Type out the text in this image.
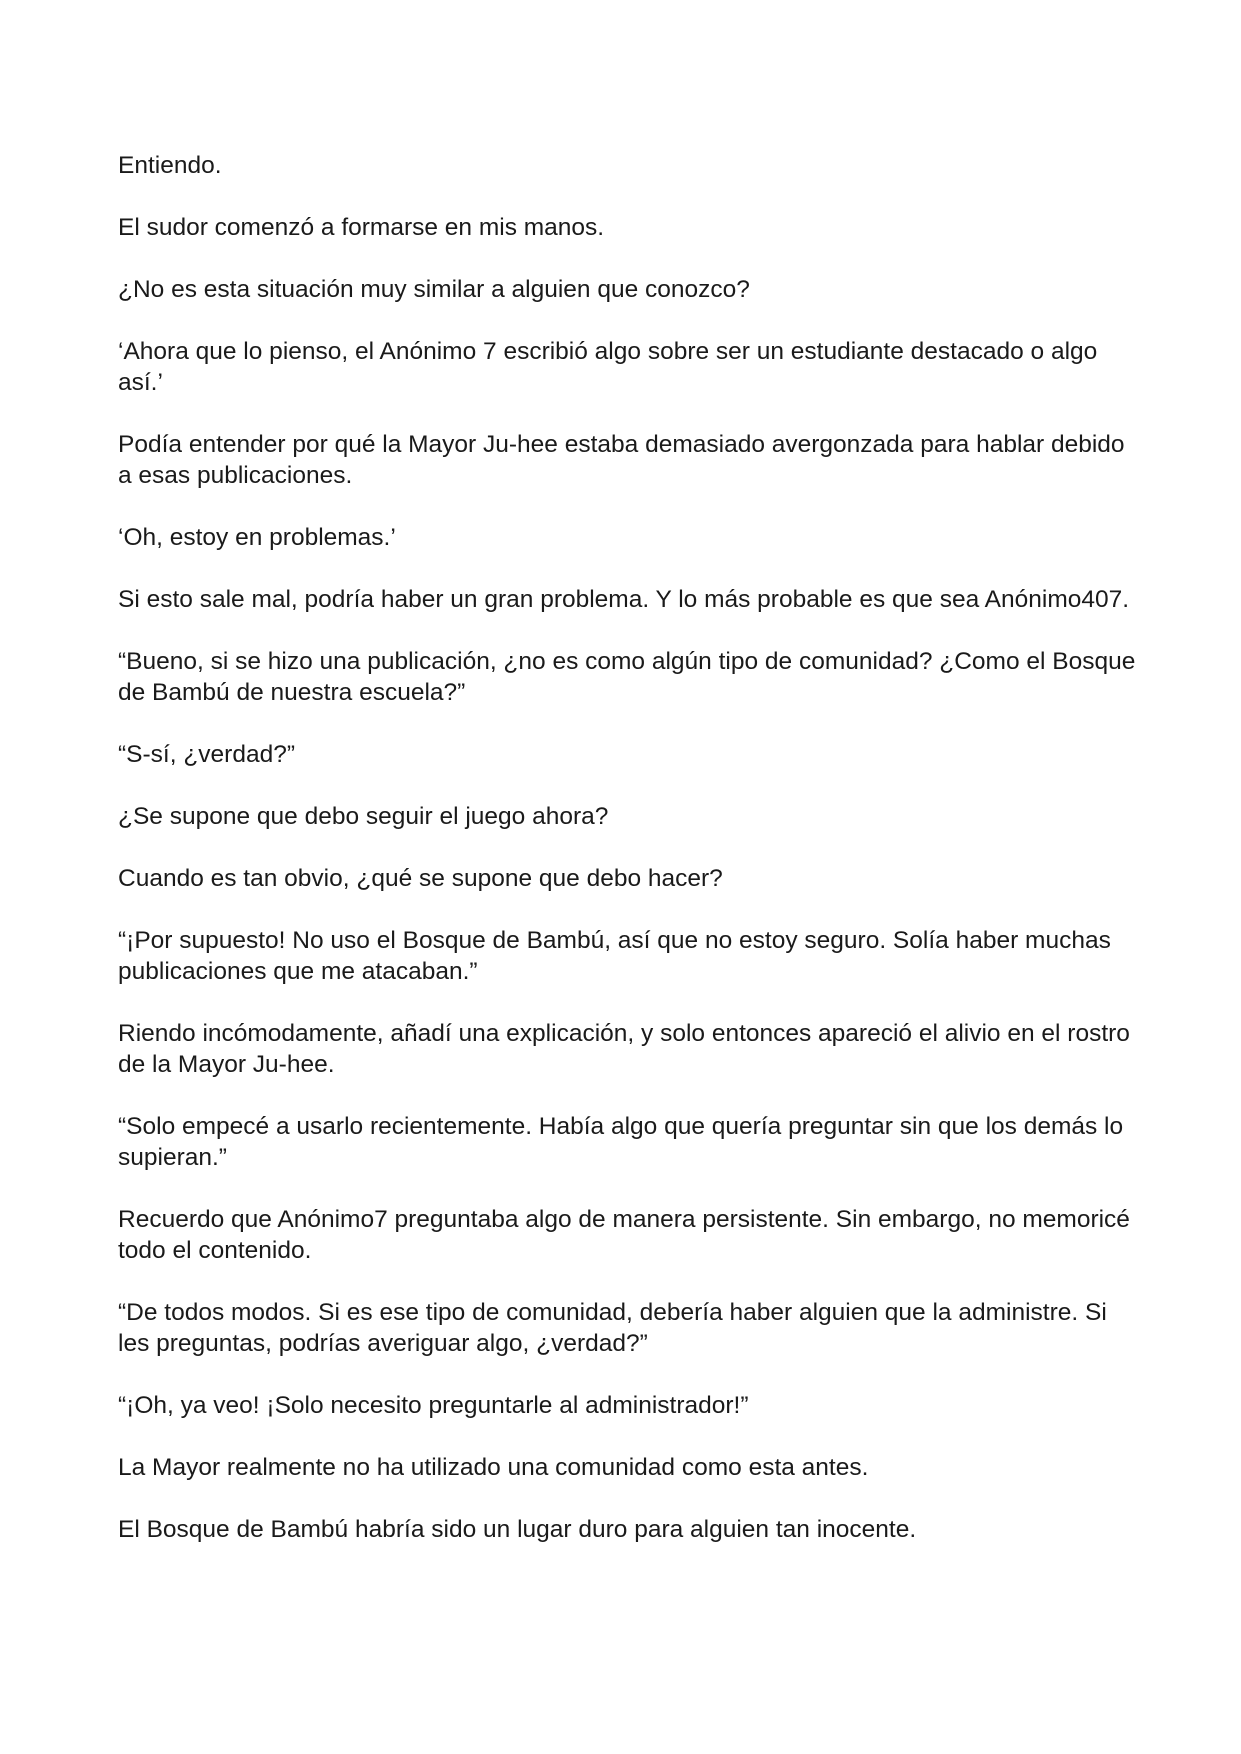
Entiendo.

El sudor comenzó a formarse en mis manos.

¿No es esta situación muy similar a alguien que conozco?

‘Ahora que lo pienso, el Anónimo 7 escribió algo sobre ser un estudiante destacado o algo así.’

Podía entender por qué la Mayor Ju-hee estaba demasiado avergonzada para hablar debido a esas publicaciones.

‘Oh, estoy en problemas.’

Si esto sale mal, podría haber un gran problema. Y lo más probable es que sea Anónimo407.

“Bueno, si se hizo una publicación, ¿no es como algún tipo de comunidad? ¿Como el Bosque de Bambú de nuestra escuela?”

“S-sí, ¿verdad?”

¿Se supone que debo seguir el juego ahora?

Cuando es tan obvio, ¿qué se supone que debo hacer?

“¡Por supuesto! No uso el Bosque de Bambú, así que no estoy seguro. Solía haber muchas publicaciones que me atacaban.”

Riendo incómodamente, añadí una explicación, y solo entonces apareció el alivio en el rostro de la Mayor Ju-hee.

“Solo empecé a usarlo recientemente. Había algo que quería preguntar sin que los demás lo supieran.”

Recuerdo que Anónimo7 preguntaba algo de manera persistente. Sin embargo, no memoricé todo el contenido.

“De todos modos. Si es ese tipo de comunidad, debería haber alguien que la administre. Si les preguntas, podrías averiguar algo, ¿verdad?”

“¡Oh, ya veo! ¡Solo necesito preguntarle al administrador!”

La Mayor realmente no ha utilizado una comunidad como esta antes.

El Bosque de Bambú habría sido un lugar duro para alguien tan inocente.
